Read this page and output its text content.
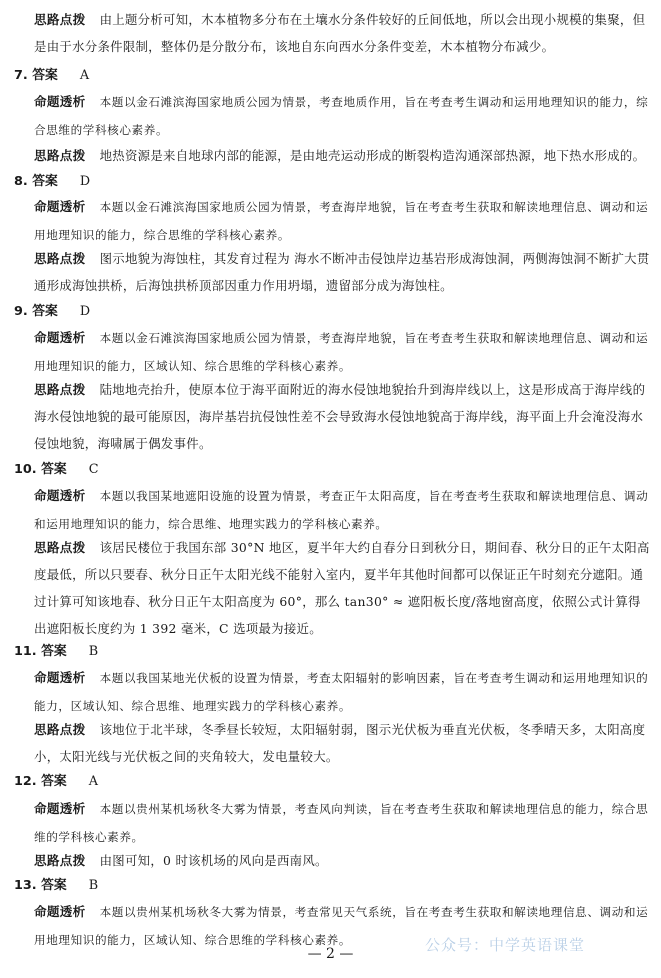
思路点拨 由上题分析可知，木本植物多分布在土壤水分条件较好的丘间低地，所以会出现小规模的集聚，但是由于水分条件限制，整体仍是分散分布，该地自东向西水分条件变差，木本植物分布减少。
7. 答案 A
命题透析 本题以金石滩滨海国家地质公园为情景，考查地质作用，旨在考查考生调动和运用地理知识的能力，综合思维的学科核心素养。
思路点拨 地热资源是来自地球内部的能源，是由地壳运动形成的断裂构造沟通深部热源，地下热水形成的。
8. 答案 D
命题透析 本题以金石滩滨海国家地质公园为情景，考查海岸地貌，旨在考查考生获取和解读地理信息、调动和运用地理知识的能力，综合思维的学科核心素养。
思路点拨 图示地貌为海蚀柱，其发育过程为 海水不断冲击侵蚀岸边基岩形成海蚀洞，两侧海蚀洞不断扩大贯通形成海蚀拱桥，后海蚀拱桥顶部因重力作用坍塌，遗留部分成为海蚀柱。
9. 答案 D
命题透析 本题以金石滩滨海国家地质公园为情景，考查海岸地貌，旨在考查考生获取和解读地理信息、调动和运用地理知识的能力，区域认知、综合思维的学科核心素养。
思路点拨 陆地地壳抬升，使原本位于海平面附近的海水侵蚀地貌抬升到海岸线以上，这是形成高于海岸线的海水侵蚀地貌的最可能原因，海岸基岩抗侵蚀性差不会导致海水侵蚀地貌高于海岸线，海平面上升会淹没海水侵蚀地貌，海啸属于偶发事件。
10. 答案 C
命题透析 本题以我国某地遮阳设施的设置为情景，考查正午太阳高度，旨在考查考生获取和解读地理信息、调动和运用地理知识的能力，综合思维、地理实践力的学科核心素养。
思路点拨 该居民楼位于我国东部 30°N 地区，夏半年大约自春分日到秋分日，期间春、秋分日的正午太阳高度最低，所以只要春、秋分日正午太阳光线不能射入室内，夏半年其他时间都可以保证正午时刻充分遮阳。通过计算可知该地春、秋分日正午太阳高度为 60°，那么 tan30° ≈ 遮阳板长度/落地窗高度，依照公式计算得出遮阳板长度约为 1 392 毫米，C 选项最为接近。
11. 答案 B
命题透析 本题以我国某地光伏板的设置为情景，考查太阳辐射的影响因素，旨在考查考生调动和运用地理知识的能力，区域认知、综合思维、地理实践力的学科核心素养。
思路点拨 该地位于北半球，冬季昼长较短，太阳辐射弱，图示光伏板为垂直光伏板，冬季晴天多，太阳高度小，太阳光线与光伏板之间的夹角较大，发电量较大。
12. 答案 A
命题透析 本题以贵州某机场秋冬大雾为情景，考查风向判读，旨在考查考生获取和解读地理信息的能力，综合思维的学科核心素养。
思路点拨 由图可知，0 时该机场的风向是西南风。
13. 答案 B
命题透析 本题以贵州某机场秋冬大雾为情景，考查常见天气系统，旨在考查考生获取和解读地理信息、调动和运用地理知识的能力，区域认知、综合思维的学科核心素养。
— 2 —	公众号：中学英语课堂
